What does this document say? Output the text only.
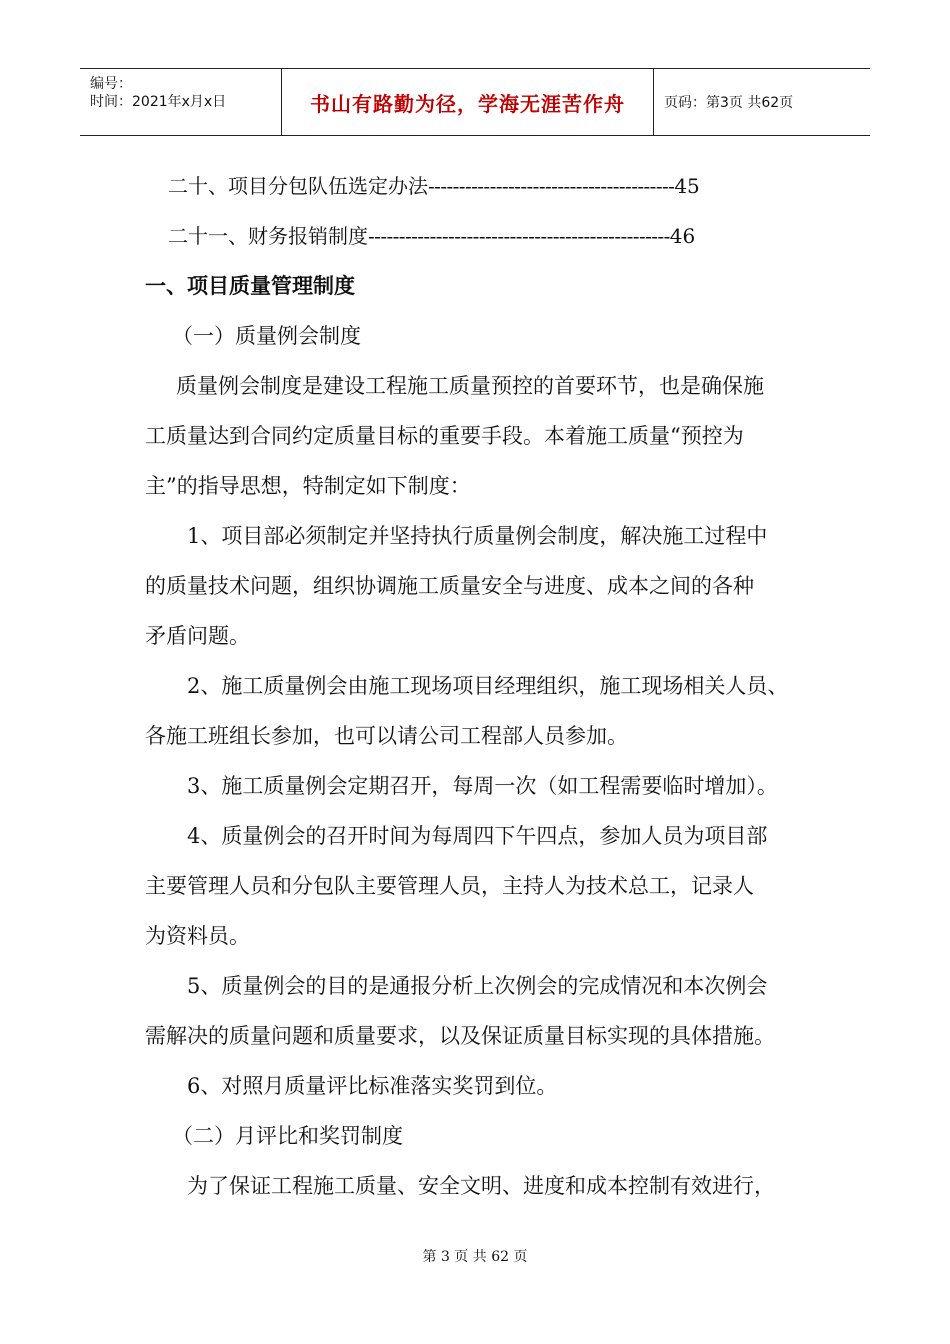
编号：
时间：2021年x月x日	书山有路勤为径，学海无涯苦作舟	页码：第3页 共62页
二十、项目分包队伍选定办法----------------------------------------45
二十一、财务报销制度-------------------------------------------------46
一、项目质量管理制度
（一）质量例会制度
质量例会制度是建设工程施工质量预控的首要环节，也是确保施
工质量达到合同约定质量目标的重要手段。本着施工质量“预控为
主”的指导思想，特制定如下制度：
1、项目部必须制定并坚持执行质量例会制度，解决施工过程中
的质量技术问题，组织协调施工质量安全与进度、成本之间的各种
矛盾问题。
2、施工质量例会由施工现场项目经理组织，施工现场相关人员、
各施工班组长参加，也可以请公司工程部人员参加。
3、施工质量例会定期召开，每周一次（如工程需要临时增加）。
4、质量例会的召开时间为每周四下午四点，参加人员为项目部
主要管理人员和分包队主要管理人员，主持人为技术总工，记录人
为资料员。
5、质量例会的目的是通报分析上次例会的完成情况和本次例会
需解决的质量问题和质量要求，以及保证质量目标实现的具体措施。
6、对照月质量评比标准落实奖罚到位。
（二）月评比和奖罚制度
为了保证工程施工质量、安全文明、进度和成本控制有效进行，
第 3 页 共 62 页
